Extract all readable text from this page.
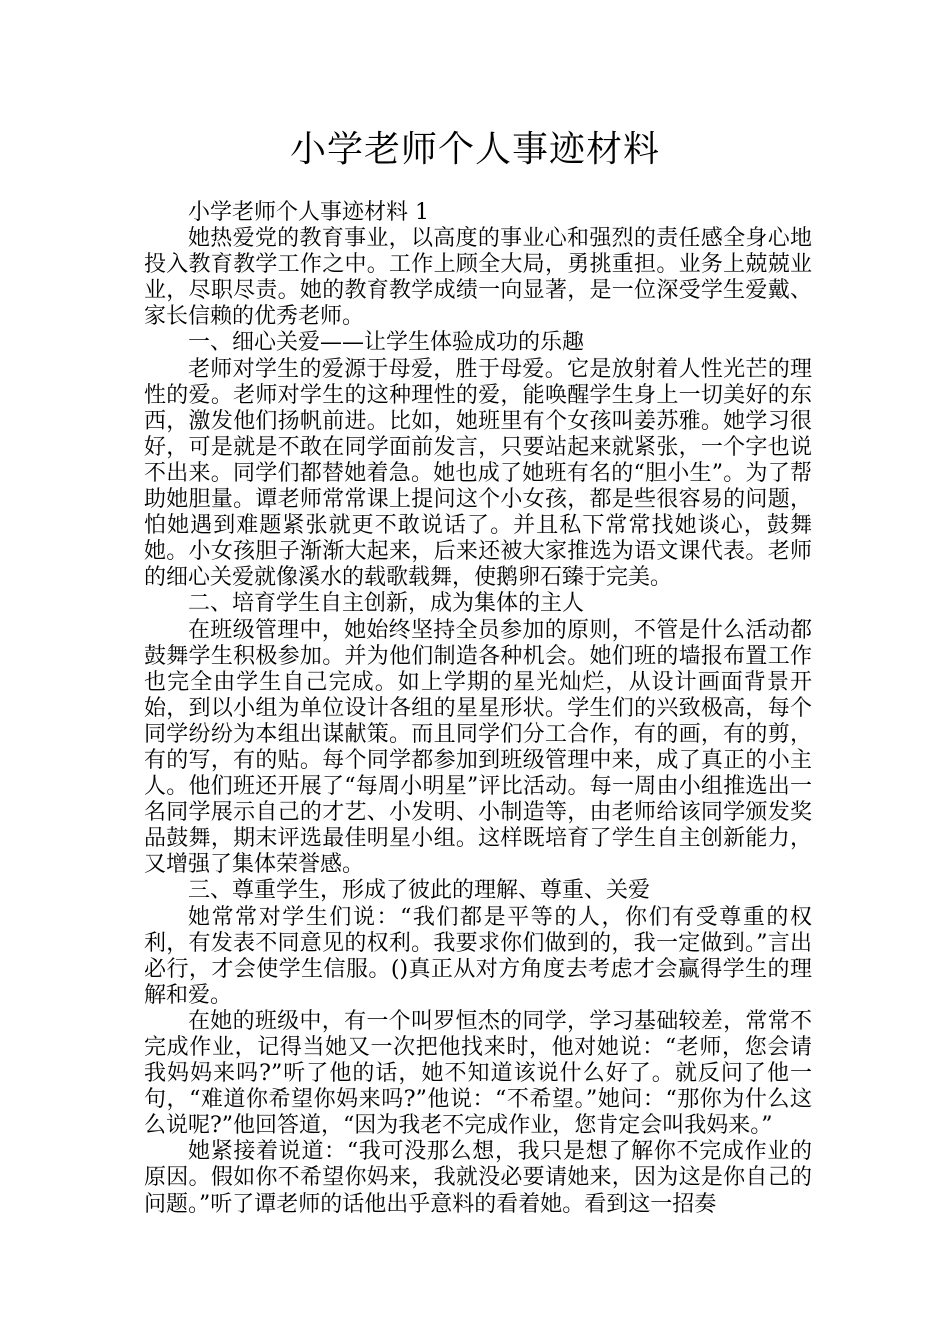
小学老师个人事迹材料

小学老师个人事迹材料 1

她热爱党的教育事业，以高度的事业心和强烈的责任感全身心地投入教育教学工作之中。工作上顾全大局，勇挑重担。业务上兢兢业业，尽职尽责。她的教育教学成绩一向显著，是一位深受学生爱戴、家长信赖的优秀老师。

一、细心关爱——让学生体验成功的乐趣

老师对学生的爱源于母爱，胜于母爱。它是放射着人性光芒的理性的爱。老师对学生的这种理性的爱，能唤醒学生身上一切美好的东西，激发他们扬帆前进。比如，她班里有个女孩叫姜苏雅。她学习很好，可是就是不敢在同学面前发言，只要站起来就紧张，一个字也说不出来。同学们都替她着急。她也成了她班有名的“胆小生”。为了帮助她胆量。谭老师常常课上提问这个小女孩，都是些很容易的问题，怕她遇到难题紧张就更不敢说话了。并且私下常常找她谈心，鼓舞她。小女孩胆子渐渐大起来，后来还被大家推选为语文课代表。老师的细心关爱就像溪水的载歌载舞，使鹅卵石臻于完美。

二、培育学生自主创新，成为集体的主人

在班级管理中，她始终坚持全员参加的原则，不管是什么活动都鼓舞学生积极参加。并为他们制造各种机会。她们班的墙报布置工作也完全由学生自己完成。如上学期的星光灿烂，从设计画面背景开始，到以小组为单位设计各组的星星形状。学生们的兴致极高，每个同学纷纷为本组出谋献策。而且同学们分工合作，有的画，有的剪，有的写，有的贴。每个同学都参加到班级管理中来，成了真正的小主人。他们班还开展了“每周小明星”评比活动。每一周由小组推选出一名同学展示自己的才艺、小发明、小制造等，由老师给该同学颁发奖品鼓舞，期末评选最佳明星小组。这样既培育了学生自主创新能力，又增强了集体荣誉感。

三、尊重学生，形成了彼此的理解、尊重、关爱

她常常对学生们说：“我们都是平等的人，你们有受尊重的权利，有发表不同意见的权利。我要求你们做到的，我一定做到。”言出必行，才会使学生信服。()真正从对方角度去考虑才会赢得学生的理解和爱。

在她的班级中，有一个叫罗恒杰的同学，学习基础较差，常常不完成作业，记得当她又一次把他找来时，他对她说：“老师，您会请我妈妈来吗?”听了他的话，她不知道该说什么好了。就反问了他一句，“难道你希望你妈来吗?”他说：“不希望。”她问：“那你为什么这么说呢?”他回答道，“因为我老不完成作业，您肯定会叫我妈来。”

她紧接着说道：“我可没那么想，我只是想了解你不完成作业的原因。假如你不希望你妈来，我就没必要请她来，因为这是你自己的问题。”听了谭老师的话他出乎意料的看着她。看到这一招奏
